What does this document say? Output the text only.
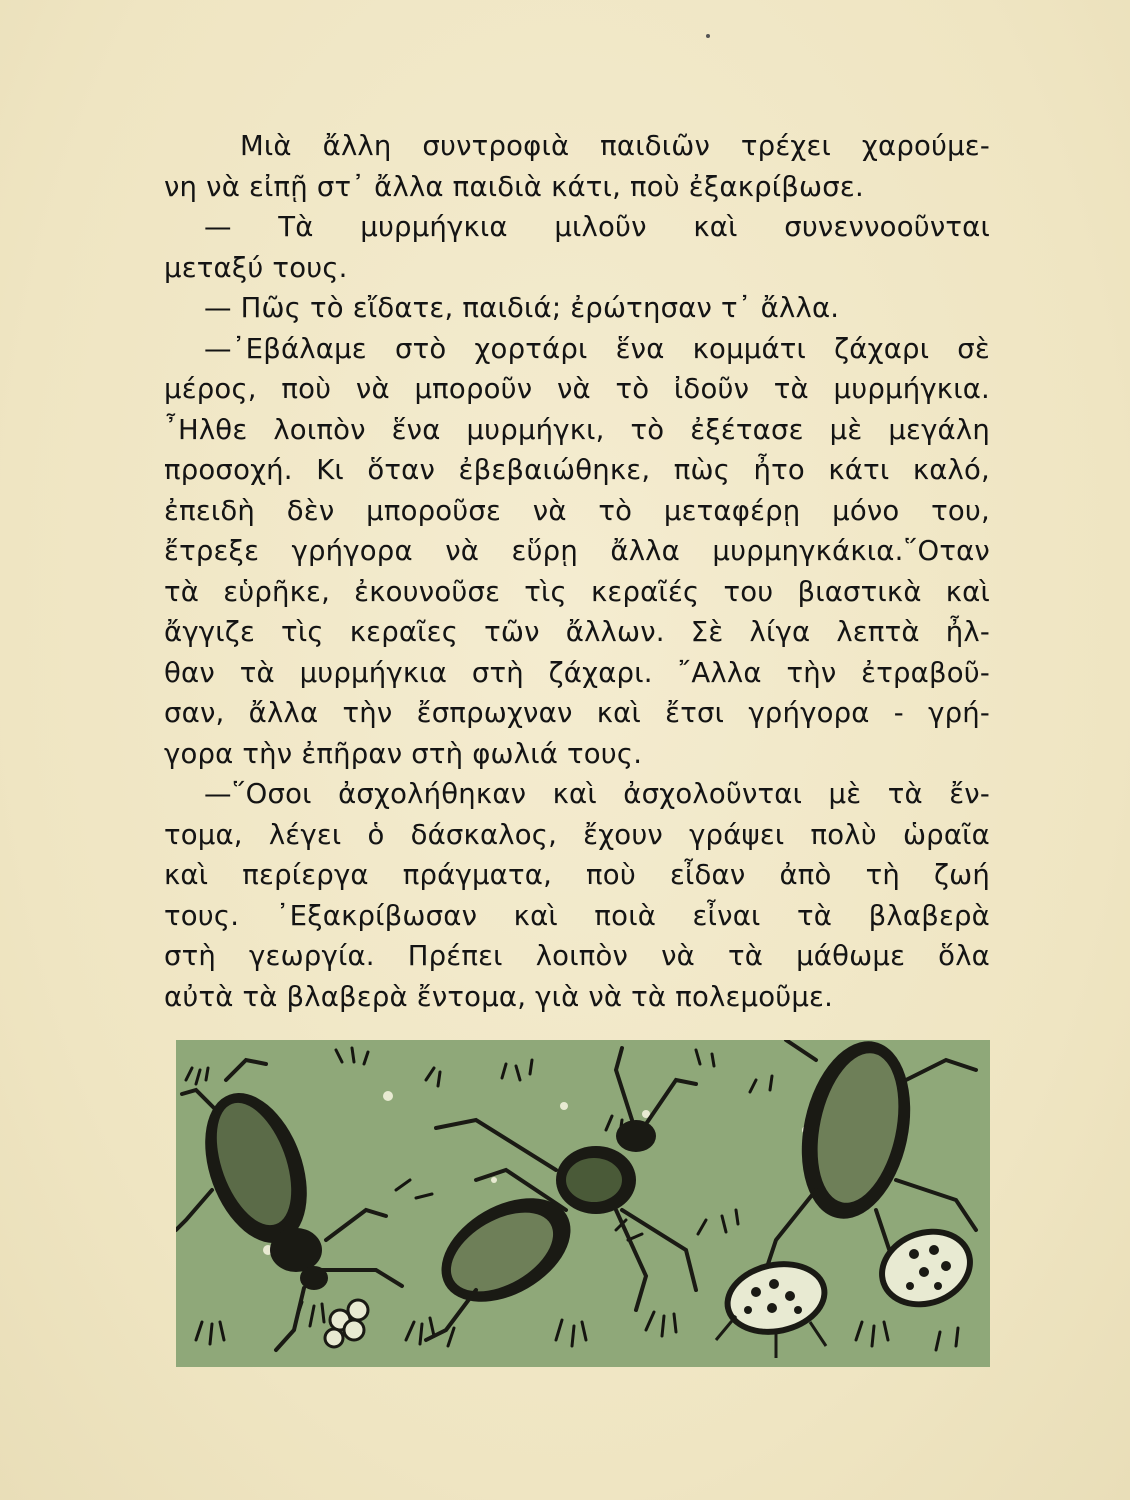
Μιὰ ἄλλη συντροφιὰ παιδιῶν τρέχει χαρούμε-
νη νὰ εἰπῇ στ᾽ ἄλλα παιδιὰ κάτι, ποὺ ἐξακρίβωσε.

— Τὰ μυρμήγκια μιλοῦν καὶ συνεννοοῦνται
μεταξύ τους.

— Πῶς τὸ εἴδατε, παιδιά; ἐρώτησαν τ᾽ ἄλλα.

—᾽Εβάλαμε στὸ χορτάρι ἕνα κομμάτι ζάχαρι σὲ
μέρος, ποὺ νὰ μποροῦν νὰ τὸ ἰδοῦν τὰ μυρμήγκια.
῏Ηλθε λοιπὸν ἕνα μυρμήγκι, τὸ ἐξέτασε μὲ μεγάλη
προσοχή. Κι ὅταν ἐβεβαιώθηκε, πὼς ἦτο κάτι καλό,
ἐπειδὴ δὲν μποροῦσε νὰ τὸ μεταφέρῃ μόνο του,
ἔτρεξε γρήγορα νὰ εὕρῃ ἄλλα μυρμηγκάκια.῞Οταν
τὰ εὑρῆκε, ἐκουνοῦσε τὶς κεραῖές του βιαστικὰ καὶ
ἄγγιζε τὶς κεραῖες τῶν ἄλλων. Σὲ λίγα λεπτὰ ἦλ-
θαν τὰ μυρμήγκια στὴ ζάχαρι. ῎Αλλα τὴν ἐτραβοῦ-
σαν, ἄλλα τὴν ἔσπρωχναν καὶ ἔτσι γρήγορα - γρή-
γορα τὴν ἐπῆραν στὴ φωλιά τους.

—῞Οσοι ἀσχολήθηκαν καὶ ἀσχολοῦνται μὲ τὰ ἔν-
τομα, λέγει ὁ δάσκαλος, ἔχουν γράψει πολὺ ὡραῖα
καὶ περίεργα πράγματα, ποὺ εἶδαν ἀπὸ τὴ ζωή
τους. ᾽Εξακρίβωσαν καὶ ποιὰ εἶναι τὰ βλαβερὰ
στὴ γεωργία. Πρέπει λοιπὸν νὰ τὰ μάθωμε ὅλα
αὐτὰ τὰ βλαβερὰ ἔντομα, γιὰ νὰ τὰ πολεμοῦμε.
